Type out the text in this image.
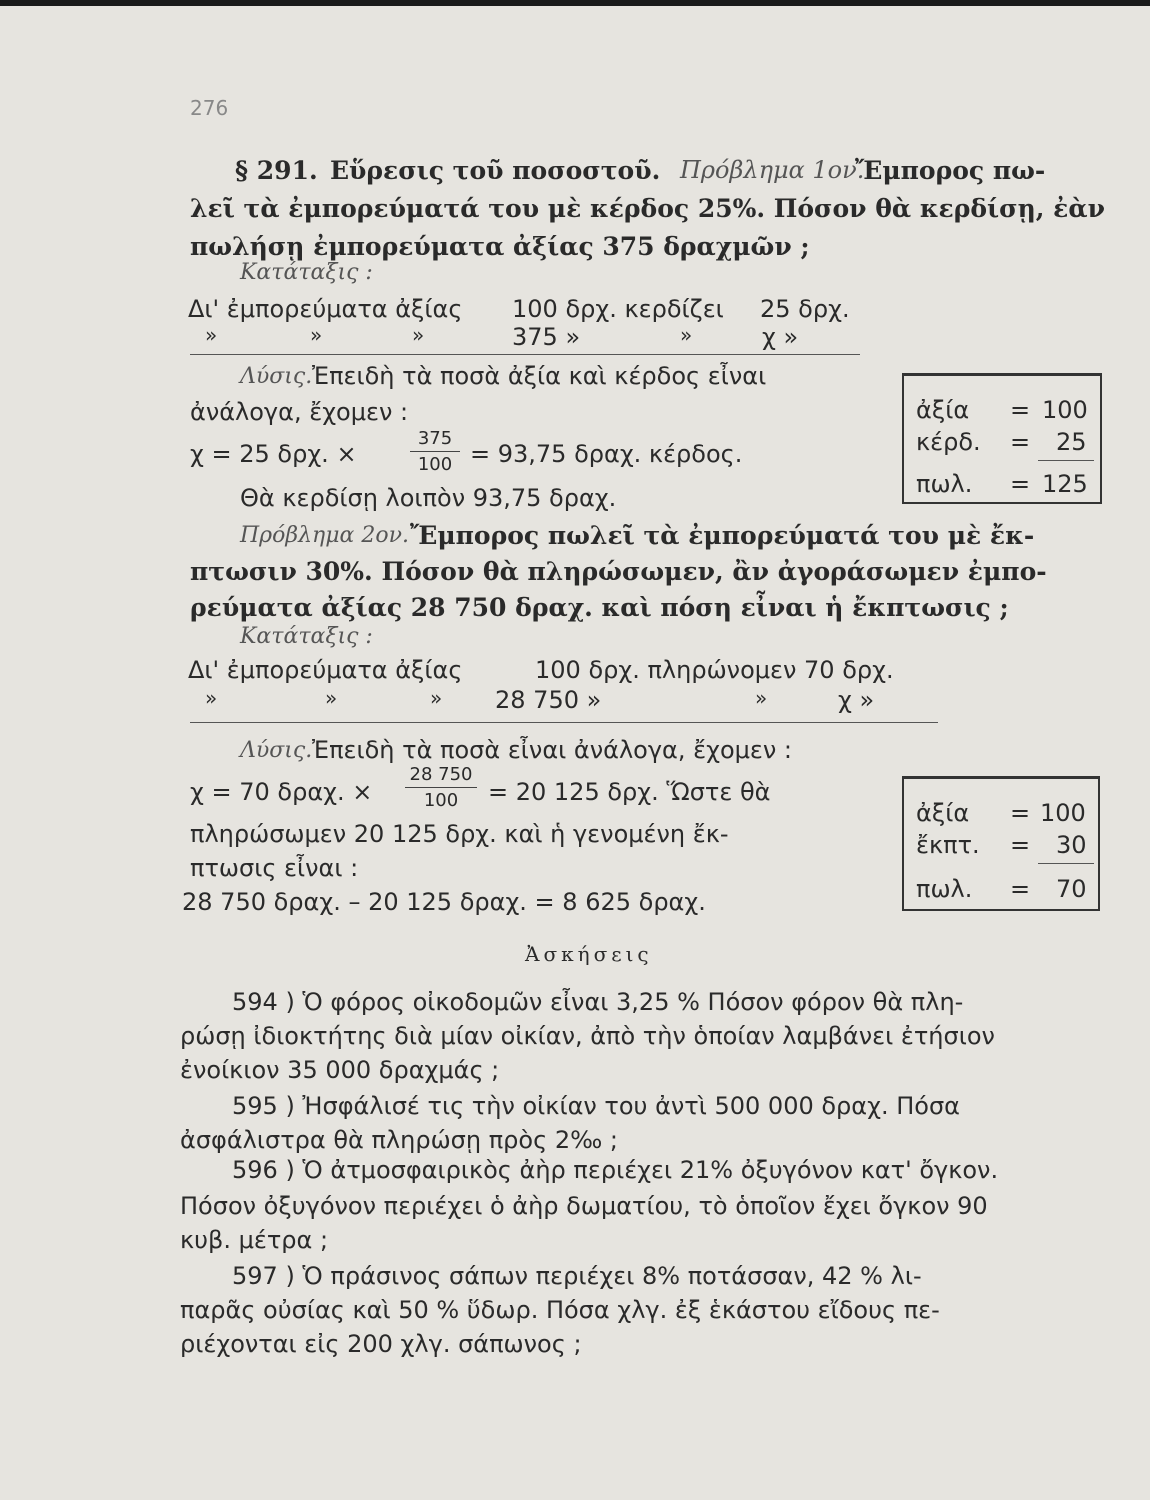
276
§ 291. Εὕρεσις τοῦ ποσοστοῦ. Πρόβλημα 1ον.
Ἔμπορος πω-
λεῖ τὰ ἐμπορεύματά του μὲ κέρδος 25%. Πόσον θὰ κερδίσῃ, ἐὰν
πωλήσῃ ἐμπορεύματα ἀξίας 375 δραχμῶν ;
Κατάταξις :
Δι' ἐμπορεύματα ἀξίας 100 δρχ. κερδίζει 25 δρχ.
»	»	»	375 »	»	χ »
Λύσις. Ἐπειδὴ τὰ ποσὰ ἀξία καὶ κέρδος εἶναι
ἀνάλογα, ἔχομεν :
χ = 25 δρχ. ×
375
100 = 93,75 δραχ. κέρδος.
Θὰ κερδίσῃ λοιπὸν 93,75 δραχ.
ἀξία = 100
κέρδ. = 25
πωλ. = 125
Πρόβλημα 2ον. Ἔμπορος πωλεῖ τὰ ἐμπορεύματά του μὲ ἔκ-
πτωσιν 30%. Πόσον θὰ πληρώσωμεν, ἂν ἀγοράσωμεν ἐμπο-
ρεύματα ἀξίας 28 750 δραχ. καὶ πόση εἶναι ἡ ἔκπτωσις ;
Κατάταξις :
Δι' ἐμπορεύματα ἀξίας	100 δρχ. πληρώνομεν 70 δρχ.
»	»	» 28 750 »	»	χ »
Λύσις. Ἐπειδὴ τὰ ποσὰ εἶναι ἀνάλογα, ἔχομεν :
χ = 70 δραχ. ×
28 750
100	= 20 125 δρχ. Ὥστε θὰ
πληρώσωμεν 20 125 δρχ. καὶ ἡ γενομένη ἔκ-
πτωσις εἶναι :
28 750 δραχ. – 20 125 δραχ. = 8 625 δραχ.
ἀξία = 100
ἔκπτ. = 30
πωλ. = 70
Ἀσκήσεις
594 ) Ὁ φόρος οἰκοδομῶν εἶναι 3,25 % Πόσον φόρον θὰ πλη-
ρώσῃ ἰδιοκτήτης διὰ μίαν οἰκίαν, ἀπὸ τὴν ὁποίαν λαμβάνει ἐτήσιον
ἐνοίκιον 35 000 δραχμάς ;
595 ) Ἠσφάλισέ τις τὴν οἰκίαν του ἀντὶ 500 000 δραχ. Πόσα
ἀσφάλιστρα θὰ πληρώσῃ πρὸς 2‰ ;
596 ) Ὁ ἀτμοσφαιρικὸς ἀὴρ περιέχει 21% ὀξυγόνον κατ' ὄγκον.
Πόσον ὀξυγόνον περιέχει ὁ ἀὴρ δωματίου, τὸ ὁποῖον ἔχει ὄγκον 90
κυβ. μέτρα ;
597 ) Ὁ πράσινος σάπων περιέχει 8% ποτάσσαν, 42 % λι-
παρᾶς οὐσίας καὶ 50 % ὕδωρ. Πόσα χλγ. ἐξ ἑκάστου εἴδους πε-
ριέχονται εἰς 200 χλγ. σάπωνος ;
